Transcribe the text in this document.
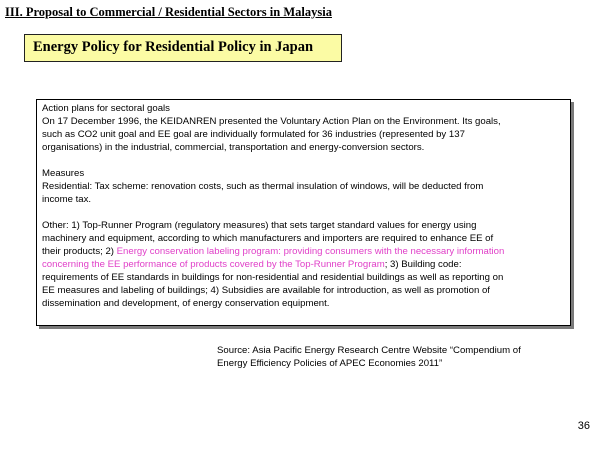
III. Proposal to Commercial / Residential Sectors in Malaysia
Energy Policy for Residential Policy in Japan

Action plans for sectoral goals
On 17 December 1996, the KEIDANREN presented the Voluntary Action Plan on the Environment. Its goals,
such as CO2 unit goal and EE goal are individually formulated for 36 industries (represented by 137
organisations) in the industrial, commercial, transportation and energy-conversion sectors.

Measures
Residential: Tax scheme: renovation costs, such as thermal insulation of windows, will be deducted from
income tax.

Other: 1) Top-Runner Program (regulatory measures) that sets target standard values for energy using
machinery and equipment, according to which manufacturers and importers are required to enhance EE of
their products; 2) Energy conservation labeling program: providing consumers with the necessary information
concerning the EE performance of products covered by the Top-Runner Program; 3) Building code:
requirements of EE standards in buildings for non-residential and residential buildings as well as reporting on
EE measures and labeling of buildings; 4) Subsidies are available for introduction, as well as promotion of
dissemination and development, of energy conservation equipment.

Source: Asia Pacific Energy Research Centre Website “Compendium of
Energy Efficiency Policies of APEC Economies 2011”
36
